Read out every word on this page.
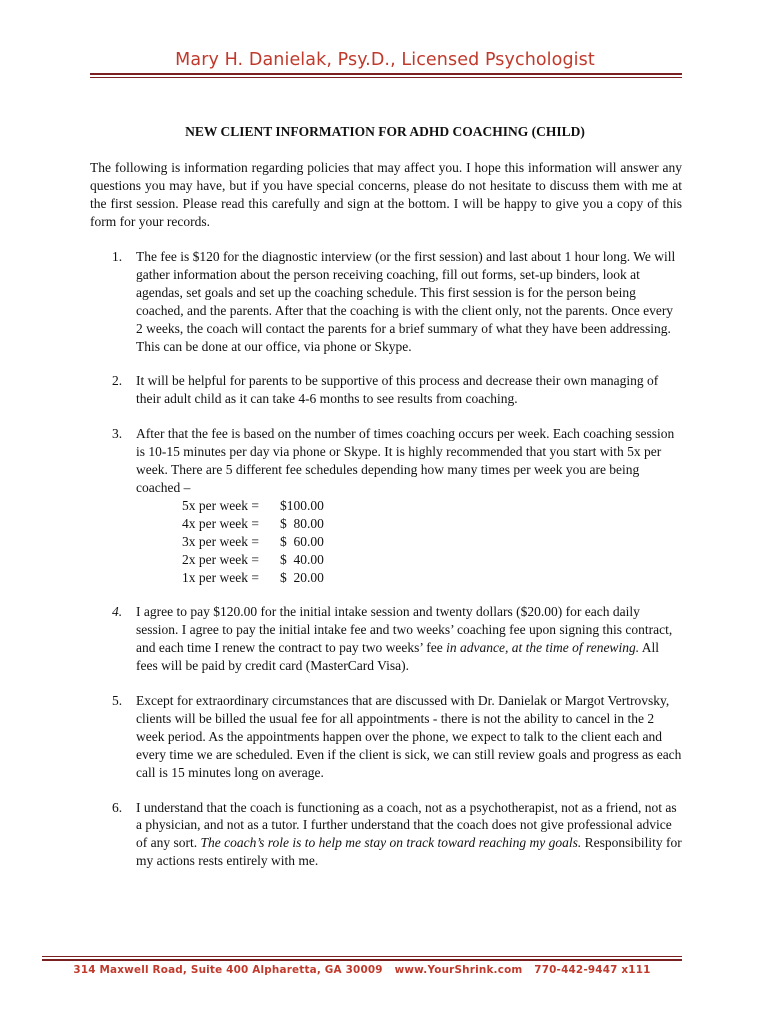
Mary H. Danielak, Psy.D., Licensed Psychologist
NEW CLIENT INFORMATION FOR ADHD COACHING (CHILD)
The following is information regarding policies that may affect you. I hope this information will answer any questions you may have, but if you have special concerns, please do not hesitate to discuss them with me at the first session. Please read this carefully and sign at the bottom. I will be happy to give you a copy of this form for your records.
1. The fee is $120 for the diagnostic interview (or the first session) and last about 1 hour long. We will gather information about the person receiving coaching, fill out forms, set-up binders, look at agendas, set goals and set up the coaching schedule. This first session is for the person being coached, and the parents. After that the coaching is with the client only, not the parents. Once every 2 weeks, the coach will contact the parents for a brief summary of what they have been addressing. This can be done at our office, via phone or Skype.
2. It will be helpful for parents to be supportive of this process and decrease their own managing of their adult child as it can take 4-6 months to see results from coaching.
3. After that the fee is based on the number of times coaching occurs per week. Each coaching session is 10-15 minutes per day via phone or Skype. It is highly recommended that you start with 5x per week. There are 5 different fee schedules depending how many times per week you are being coached –
5x per week =	$100.00
4x per week =	$  80.00
3x per week =	$  60.00
2x per week =	$  40.00
1x per week =	$  20.00
4. I agree to pay $120.00 for the initial intake session and twenty dollars ($20.00) for each daily session. I agree to pay the initial intake fee and two weeks’ coaching fee upon signing this contract, and each time I renew the contract to pay two weeks’ fee in advance, at the time of renewing. All fees will be paid by credit card (MasterCard Visa).
5. Except for extraordinary circumstances that are discussed with Dr. Danielak or Margot Vertrovsky, clients will be billed the usual fee for all appointments - there is not the ability to cancel in the 2 week period. As the appointments happen over the phone, we expect to talk to the client each and every time we are scheduled. Even if the client is sick, we can still review goals and progress as each call is 15 minutes long on average.
6. I understand that the coach is functioning as a coach, not as a psychotherapist, not as a friend, not as a physician, and not as a tutor. I further understand that the coach does not give professional advice of any sort. The coach’s role is to help me stay on track toward reaching my goals. Responsibility for my actions rests entirely with me.
314 Maxwell Road, Suite 400 Alpharetta, GA 30009 www.YourShrink.com 770-442-9447 x111
